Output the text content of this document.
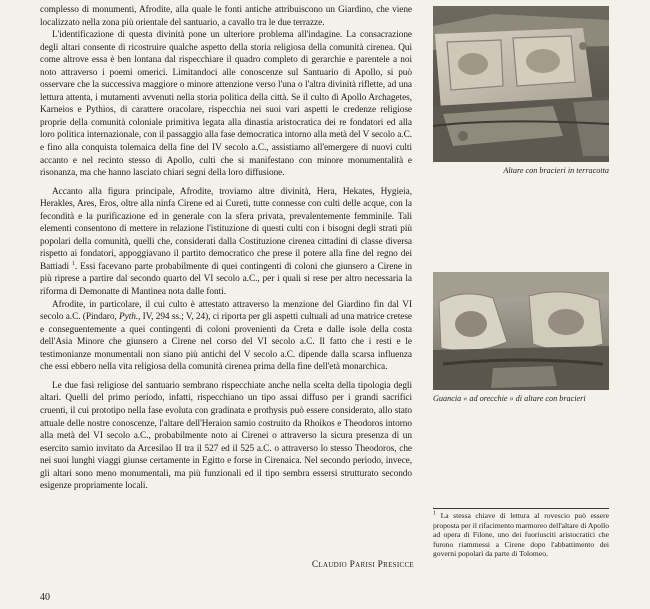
complesso di monumenti, Afrodite, alla quale le fonti antiche attribuiscono un Giardino, che viene localizzato nella zona più orientale del santuario, a cavallo tra le due terrazze.

L'identificazione di questa divinità pone un ulteriore problema all'indagine. La consacrazione degli altari consente di ricostruire qualche aspetto della storia religiosa della comunità cirenea. Qui come altrove essa è ben lontana dal rispecchiare il quadro completo di gerarchie e parentele a noi noto attraverso i poemi omerici. Limitandoci alle conoscenze sul Santuario di Apollo, si può osservare che la successiva maggiore o minore attenzione verso l'una o l'altra divinità riflette, ad una lettura attenta, i mutamenti avvenuti nella storia politica della città. Se il culto di Apollo Archagetes, Karneios e Pythios, di carattere oracolare, rispecchia nei suoi vari aspetti le credenze religiose proprie della comunità coloniale primitiva legata alla dinastia aristocratica dei re fondatori ed alla loro politica internazionale, con il passaggio alla fase democratica intorno alla metà del V secolo a.C. e fino alla conquista tolemaica della fine del IV secolo a.C., assistiamo all'emergere di nuovi culti accanto e nel recinto stesso di Apollo, culti che si manifestano con minore monumentalità e risonanza, ma che hanno lasciato chiari segni della loro diffusione.

Accanto alla figura principale, Afrodite, troviamo altre divinità, Hera, Hekates, Hygieia, Herakles, Ares, Eros, oltre alla ninfa Cirene ed ai Cureti, tutte connesse con culti delle acque, con la fecondità e la purificazione ed in generale con la sfera privata, prevalentemente femminile. Tali elementi consentono di mettere in relazione l'istituzione di questi culti con i bisogni degli strati più popolari della comunità, quelli che, considerati dalla Costituzione cirenea cittadini di classe diversa rispetto ai fondatori, appoggiavano il partito democratico che prese il potere alla fine del regno dei Battiadi $^1$. Essi facevano parte probabilmente di quei contingenti di coloni che giunsero a Cirene in più riprese a partire dal secondo quarto del VI secolo a.C., per i quali si rese per altro necessaria la riforma di Demonatte di Mantinea nota dalle fonti.

Afrodite, in particolare, il cui culto è attestato attraverso la menzione del Giardino fin dal VI secolo a.C. (Pindaro, Pyth., IV, 294 ss.; V, 24), ci riporta per gli aspetti cultuali ad una matrice cretese e conseguentemente a quei contingenti di coloni provenienti da Creta e dalle isole della costa dell'Asia Minore che giunsero a Cirene nel corso del VI secolo a.C. Il fatto che i resti e le testimonianze monumentali non siano più antichi del V secolo a.C. dipende dalla scarsa influenza che essi ebbero nella vita religiosa della comunità cirenea prima della fine dell'età monarchica.

Le due fasi religiose del santuario sembrano rispecchiate anche nella scelta della tipologia degli altari. Quelli del primo periodo, infatti, rispecchiano un tipo assai diffuso per i grandi sacrifici cruenti, il cui prototipo nella fase evoluta con gradinata e prothysis può essere considerato, allo stato attuale delle nostre conoscenze, l'altare dell'Heraion samio costruito da Rhoikos e Theodoros intorno alla metà del VI secolo a.C., probabilmente noto ai Cirenei o attraverso la sicura presenza di un esercito samio invitato da Arcesilao II tra il 527 ed il 525 a.C. o attraverso lo stesso Theodoros, che nei suoi lunghi viaggi giunse certamente in Egitto e forse in Cirenaica. Nel secondo periodo, invece, gli altari sono meno monumentali, ma più funzionali ed il tipo sembra essersi strutturato secondo esigenze propriamente locali.

Claudio Parisi Presicce
40
Altare con bracieri in terracotta
Guancia « ad orecchie » di altare con bracieri
$^1$ La stessa chiave di lettura al rovescio può essere proposta per il rifacimento marmoreo dell'altare di Apollo ad opera di Filone, uno dei fuoriusciti aristocratici che furono riammessi a Cirene dopo l'abbattimento dei governi popolari da parte di Tolomeo.
